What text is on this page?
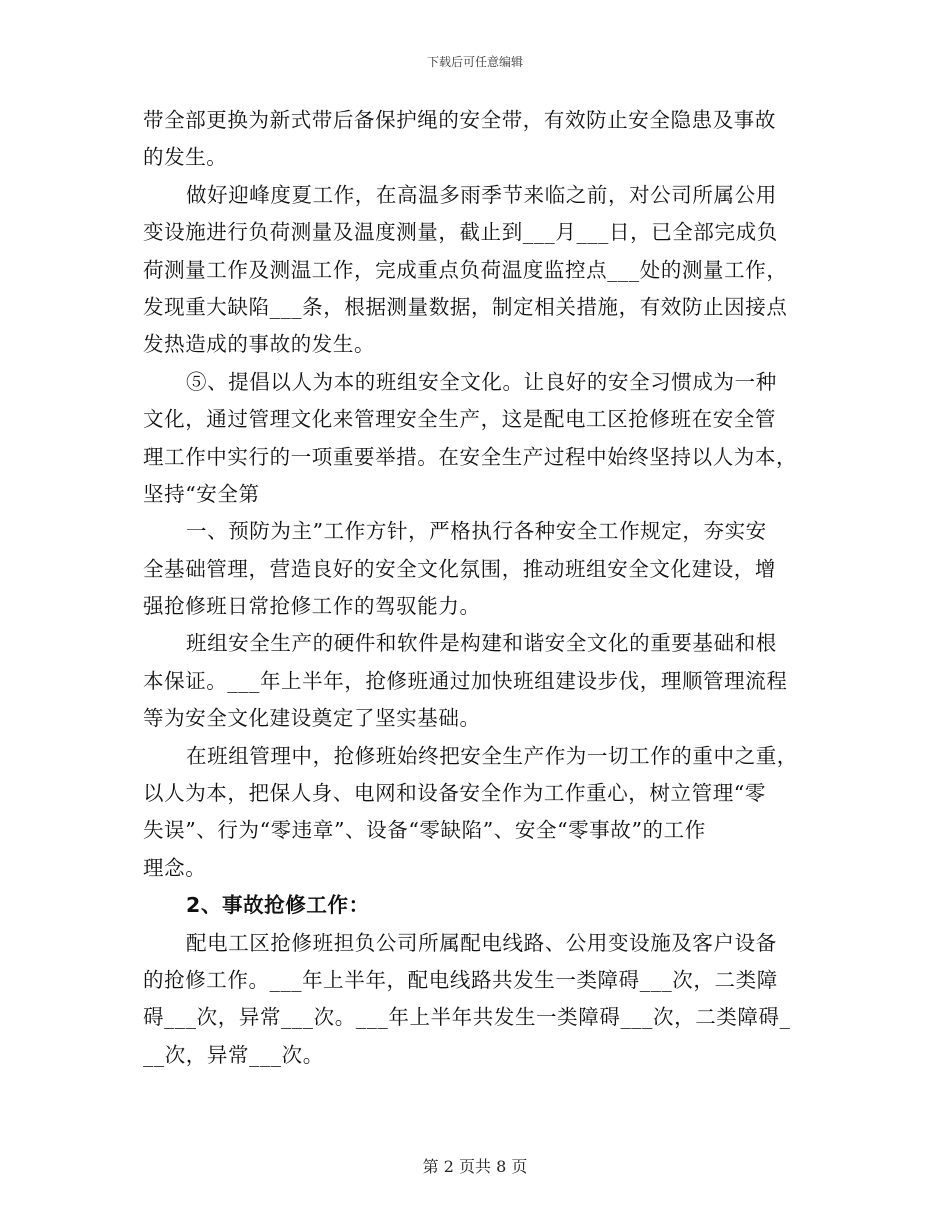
下载后可任意编辑
带全部更换为新式带后备保护绳的安全带，有效防止安全隐患及事故
的发生。
做好迎峰度夏工作，在高温多雨季节来临之前，对公司所属公用
变设施进行负荷测量及温度测量，截止到___月___日，已全部完成负
荷测量工作及测温工作，完成重点负荷温度监控点___处的测量工作，
发现重大缺陷___条，根据测量数据，制定相关措施，有效防止因接点
发热造成的事故的发生。
⑤、提倡以人为本的班组安全文化。让良好的安全习惯成为一种
文化，通过管理文化来管理安全生产，这是配电工区抢修班在安全管
理工作中实行的一项重要举措。在安全生产过程中始终坚持以人为本，
坚持“安全第
一、预防为主”工作方针，严格执行各种安全工作规定，夯实安
全基础管理，营造良好的安全文化氛围，推动班组安全文化建设，增
强抢修班日常抢修工作的驾驭能力。
班组安全生产的硬件和软件是构建和谐安全文化的重要基础和根
本保证。___年上半年，抢修班通过加快班组建设步伐，理顺管理流程
等为安全文化建设奠定了坚实基础。
在班组管理中，抢修班始终把安全生产作为一切工作的重中之重，
以人为本，把保人身、电网和设备安全作为工作重心，树立管理“零
失误”、行为“零违章”、设备“零缺陷”、安全“零事故”的工作
理念。
2、事故抢修工作：
配电工区抢修班担负公司所属配电线路、公用变设施及客户设备
的抢修工作。___年上半年，配电线路共发生一类障碍___次，二类障
碍___次，异常___次。___年上半年共发生一类障碍___次，二类障碍_
__次，异常___次。
第 2 页共 8 页
